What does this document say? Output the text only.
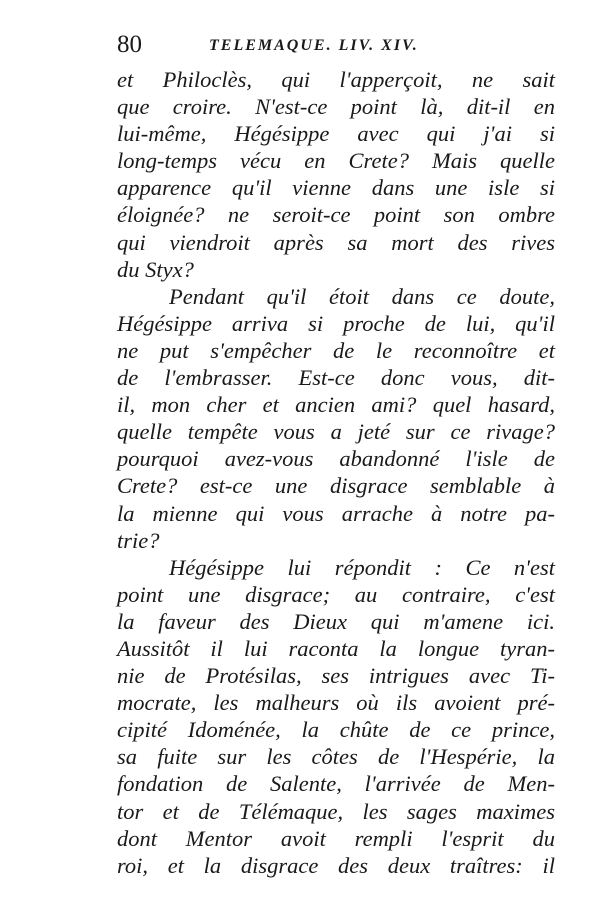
80	TELEMAQUE. LIV. XIV.
et Philoclès, qui l'apperçoit, ne sait
que croire. N'est-ce point là, dit-il en
lui-même, Hégésippe avec qui j'ai si
long-temps vécu en Crete? Mais quelle
apparence qu'il vienne dans une isle si
éloignée? ne seroit-ce point son ombre
qui viendroit après sa mort des rives
du Styx?
Pendant qu'il étoit dans ce doute,
Hégésippe arriva si proche de lui, qu'il
ne put s'empêcher de le reconnoître et
de l'embrasser. Est-ce donc vous, dit-
il, mon cher et ancien ami? quel hasard,
quelle tempête vous a jeté sur ce rivage?
pourquoi avez-vous abandonné l'isle de
Crete? est-ce une disgrace semblable à
la mienne qui vous arrache à notre pa-
trie?
Hégésippe lui répondit : Ce n'est
point une disgrace; au contraire, c'est
la faveur des Dieux qui m'amene ici.
Aussitôt il lui raconta la longue tyran-
nie de Protésilas, ses intrigues avec Ti-
mocrate, les malheurs où ils avoient pré-
cipité Idoménée, la chûte de ce prince,
sa fuite sur les côtes de l'Hespérie, la
fondation de Salente, l'arrivée de Men-
tor et de Télémaque, les sages maximes
dont Mentor avoit rempli l'esprit du
roi, et la disgrace des deux traîtres: il
